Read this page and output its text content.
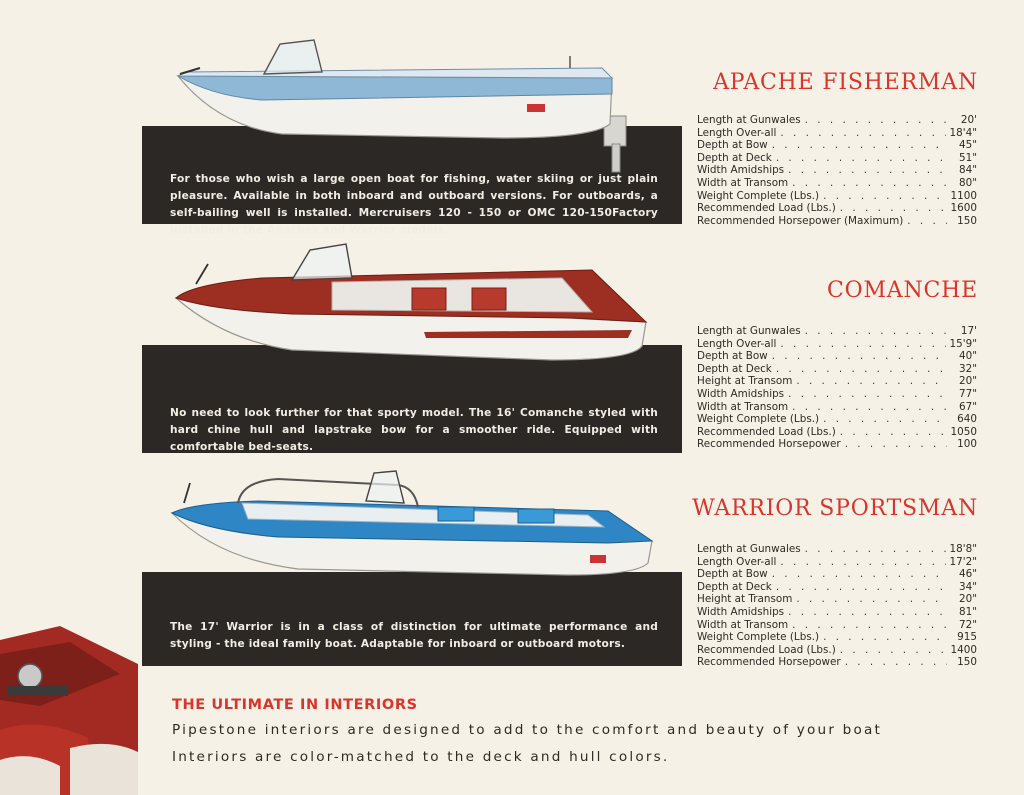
For those who wish a large open boat for fishing, water skiing or just plain pleasure. Available in both inboard and outboard versions. For outboards, a self-bailing well is installed. Mercruisers 120 - 150 or OMC 120-150Factory installed in the Apaches and Warrior models.
APACHE FISHERMAN
Length at Gunwales . . .	20'
Length Over-all . . .	18'4"
Depth at Bow . . .	45"
Depth at Deck . . .	51"
Width Amidships . . .	84"
Width at Transom . . .	80"
Weight Complete (Lbs.) . . .	1100
Recommended Load (Lbs.) . . .	1600
Recommended Horsepower (Maximum) . . .	150
No need to look further for that sporty model. The 16' Comanche styled with hard chine hull and lapstrake bow for a smoother ride. Equipped with comfortable bed-seats.
COMANCHE
Length at Gunwales . . .	17'
Length Over-all . . .	15'9"
Depth at Bow . . .	40"
Depth at Deck . . .	32"
Height at Transom . . .	20"
Width Amidships . . .	77"
Width at Transom . . .	67"
Weight Complete (Lbs.) . . .	640
Recommended Load (Lbs.) . . .	1050
Recommended Horsepower . . .	100
The 17' Warrior is in a class of distinction for ultimate performance and styling - the ideal family boat. Adaptable for inboard or outboard motors.
WARRIOR SPORTSMAN
Length at Gunwales . . .	18'8"
Length Over-all . . .	17'2"
Depth at Bow . . .	46"
Depth at Deck . . .	34"
Height at Transom . . .	20"
Width Amidships . . .	81"
Width at Transom . . .	72"
Weight Complete (Lbs.) . . .	915
Recommended Load (Lbs.) . . .	1400
Recommended Horsepower . . .	150
THE ULTIMATE IN INTERIORS

Pipestone interiors are designed to add to the comfort and beauty of your boat

Interiors are color-matched to the deck and hull colors.
